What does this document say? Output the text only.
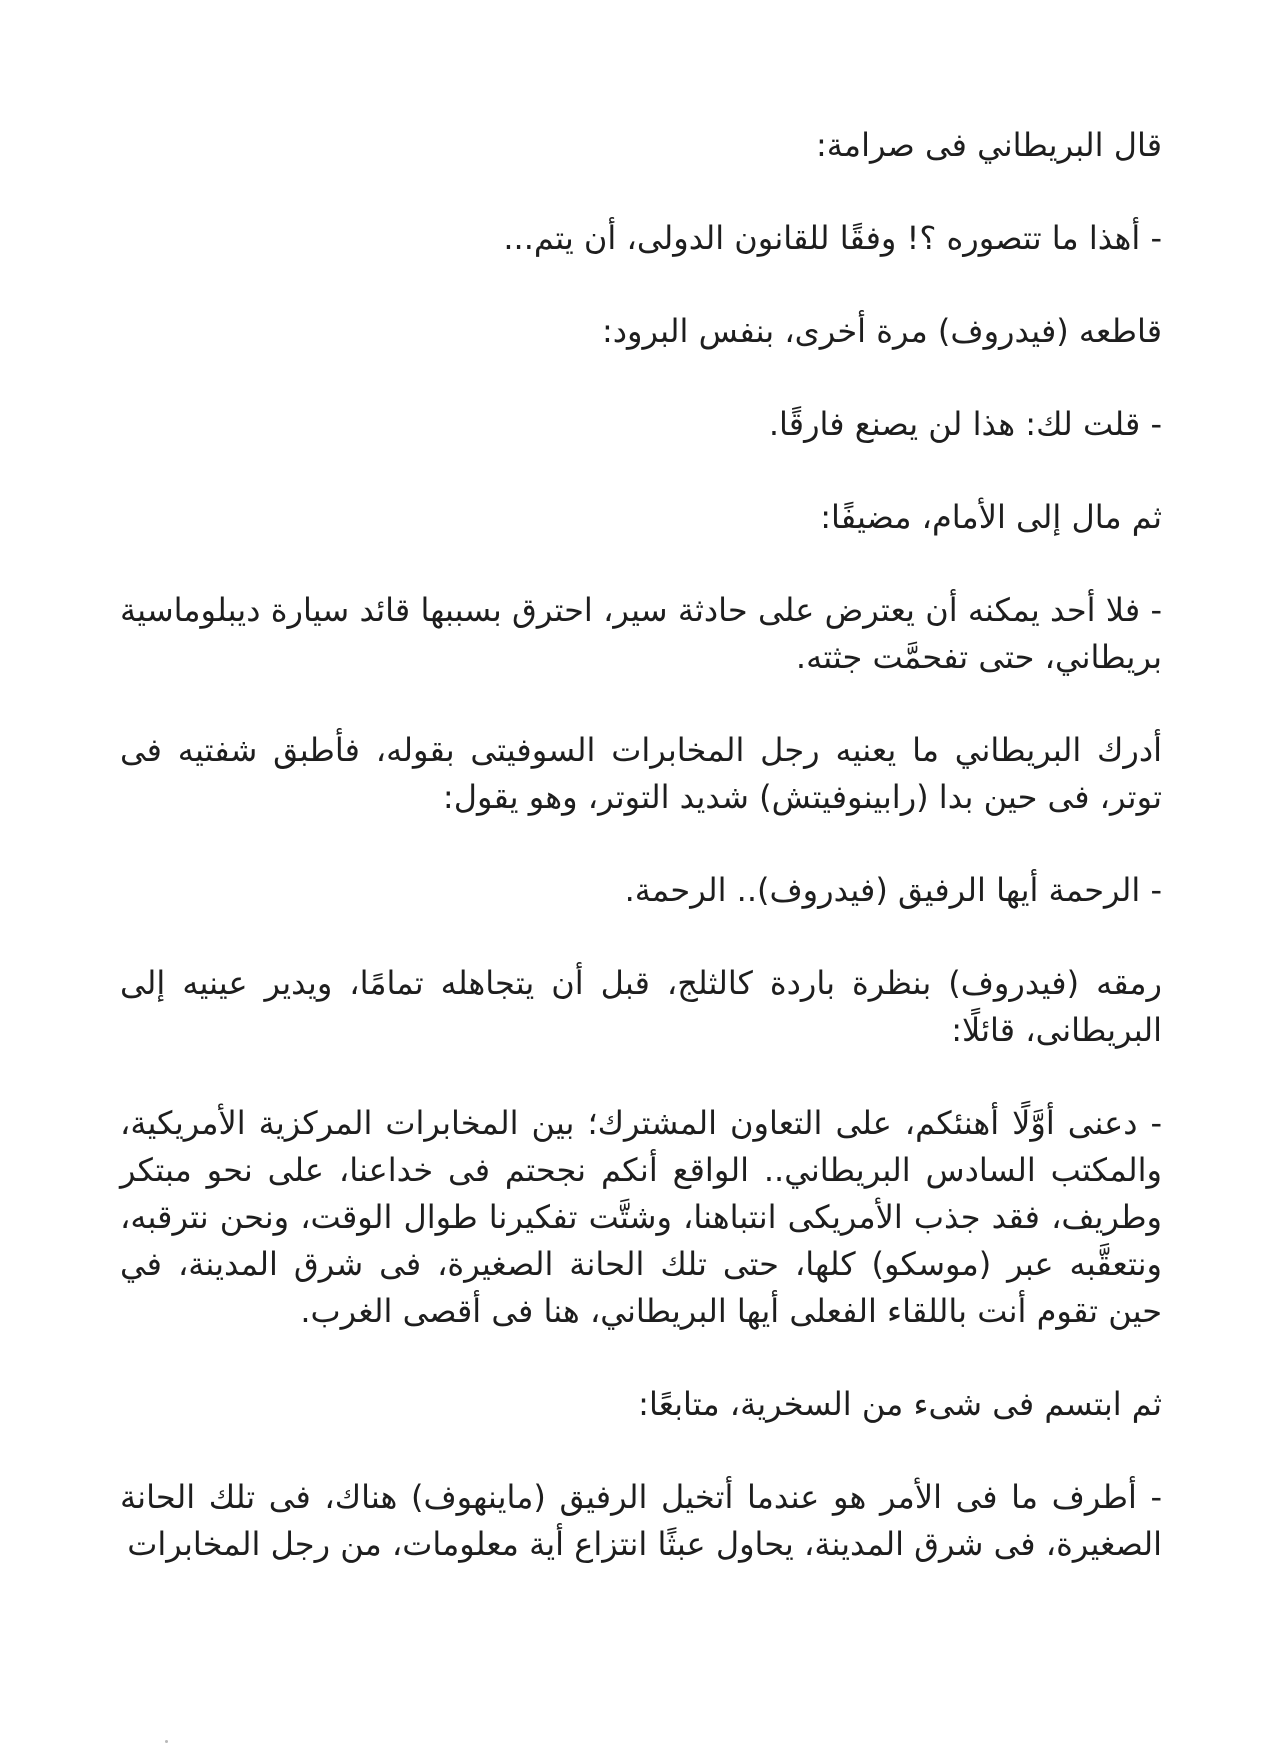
قال البريطاني فى صرامة:

- أهذا ما تتصوره ؟! وفقًا للقانون الدولى، أن يتم...

قاطعه (فيدروف) مرة أخرى، بنفس البرود:

- قلت لك: هذا لن يصنع فارقًا.

ثم مال إلى الأمام، مضيفًا:

- فلا أحد يمكنه أن يعترض على حادثة سير، احترق بسببها قائد سيارة ديبلوماسية بريطاني، حتى تفحمَّت جثته.

أدرك البريطاني ما يعنيه رجل المخابرات السوفيتى بقوله، فأطبق شفتيه فى توتر، فى حين بدا (رابينوفيتش) شديد التوتر، وهو يقول:

- الرحمة أيها الرفيق (فيدروف).. الرحمة.

رمقه (فيدروف) بنظرة باردة كالثلج، قبل أن يتجاهله تمامًا، ويدير عينيه إلى البريطانى، قائلًا:

- دعنى أوَّلًا أهنئكم، على التعاون المشترك؛ بين المخابرات المركزية الأمريكية، والمكتب السادس البريطاني.. الواقع أنكم نجحتم فى خداعنا، على نحو مبتكر وطريف، فقد جذب الأمريكى انتباهنا، وشتَّت تفكيرنا طوال الوقت، ونحن نترقبه، ونتعقَّبه عبر (موسكو) كلها، حتى تلك الحانة الصغيرة، فى شرق المدينة، في حين تقوم أنت باللقاء الفعلى أيها البريطاني، هنا فى أقصى الغرب.

ثم ابتسم فى شىء من السخرية، متابعًا:

- أطرف ما فى الأمر هو عندما أتخيل الرفيق (ماينهوف) هناك، فى تلك الحانة الصغيرة، فى شرق المدينة، يحاول عبثًا انتزاع أية معلومات، من رجل المخابرات
